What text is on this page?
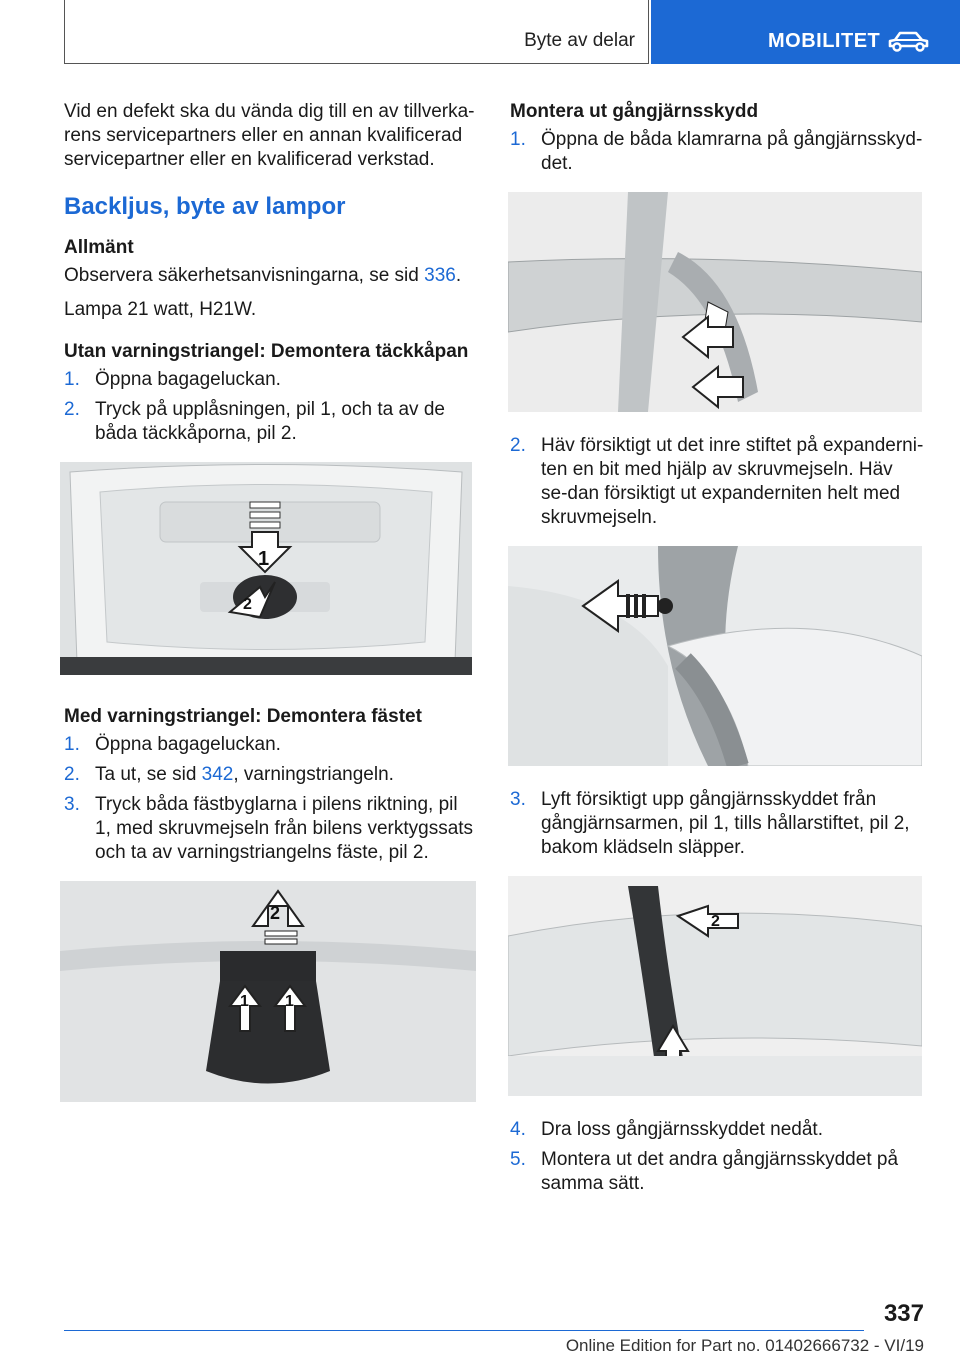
Byte av delar	MOBILITET

Vid en defekt ska du vända dig till en av tillverka-rens servicepartners eller en annan kvalificerad servicepartner eller en kvalificerad verkstad.

Backljus, byte av lampor
Allmänt

Observera säkerhetsanvisningarna, se sid 336.

Lampa 21 watt, H21W.

Utan varningstriangel: Demontera täckkåpan
1. Öppna bagageluckan.
2. Tryck på upplåsningen, pil 1, och ta av de båda täckkåporna, pil 2.
1
2
Med varningstriangel: Demontera fästet
1. Öppna bagageluckan.
2. Ta ut, se sid 342, varningstriangeln.
3. Tryck båda fästbyglarna i pilens riktning, pil 1, med skruvmejseln från bilens verktygssats och ta av varningstriangelns fäste, pil 2.
2
1 1
Montera ut gångjärnsskydd
1. Öppna de båda klamrarna på gångjärnsskyd-det.
2. Häv försiktigt ut det inre stiftet på expanderni-ten en bit med hjälp av skruvmejseln. Häv se-dan försiktigt ut expanderniten helt med skruvmejseln.
3. Lyft försiktigt upp gångjärnsskyddet från gångjärnsarmen, pil 1, tills hållarstiftet, pil 2, bakom klädseln släpper.
2
4. Dra loss gångjärnsskyddet nedåt.
5. Montera ut det andra gångjärnsskyddet på samma sätt.
337
Online Edition for Part no. 01402666732 - VI/19
